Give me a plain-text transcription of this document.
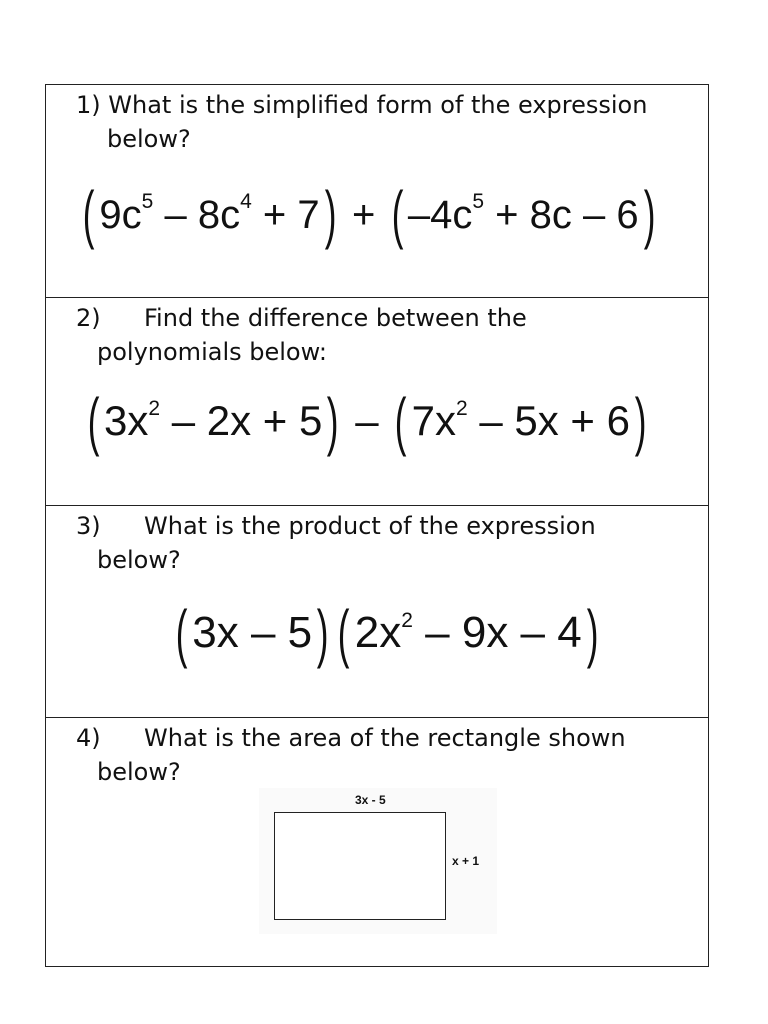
1) What is the simplified form of the expression
below?
( $9c^5 - 8c^4 + 7$) + ( $-4c^5 + 8c - 6$)
2) Find the difference between the
polynomials below:
( $3x^2 - 2x + 5$) – ( $7x^2 - 5x + 6$)
3) What is the product of the expression
below?
( 3x – 5) ( $2x^2 - 9x - 4$)
4) What is the area of the rectangle shown
below?
3x - 5
x + 1
